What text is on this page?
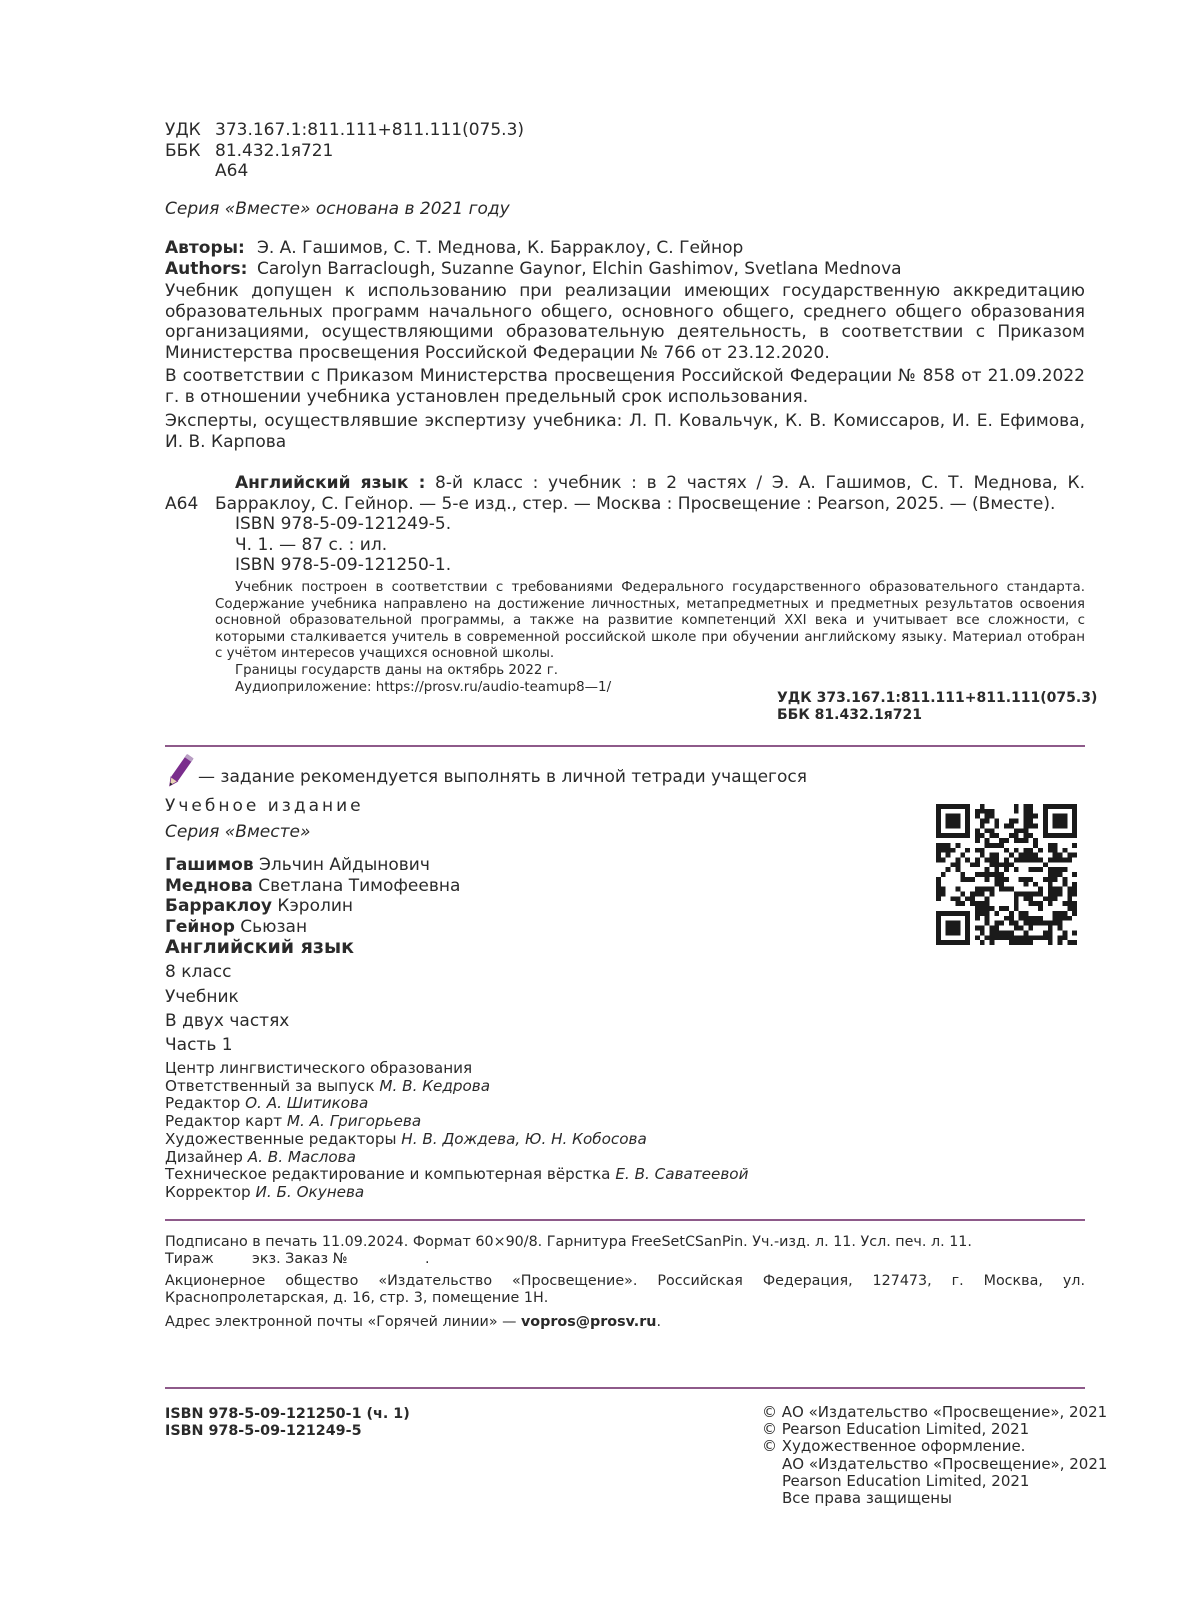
УДК 373.167.1:811.111+811.111(075.3)
ББК 81.432.1я721
А64
Серия «Вместе» основана в 2021 году
Авторы: Э. А. Гашимов, С. Т. Меднова, К. Барраклоу, С. Гейнор
Authors: Carolyn Barraclough, Suzanne Gaynor, Elchin Gashimov, Svetlana Mednova
Учебник допущен к использованию при реализации имеющих государственную аккредитацию образовательных программ начального общего, основного общего, среднего общего образования организациями, осуществляющими образовательную деятельность, в соответствии с Приказом Министерства просвещения Российской Федерации № 766 от 23.12.2020.
В соответствии с Приказом Министерства просвещения Российской Федерации № 858 от 21.09.2022 г. в отношении учебника установлен предельный срок использования.
Эксперты, осуществлявшие экспертизу учебника: Л. П. Ковальчук, К. В. Комиссаров, И. Е. Ефимова, И. В. Карпова
А64
Английский язык : 8-й класс : учебник : в 2 частях / Э. А. Гашимов, С. Т. Меднова, К. Барраклоу, С. Гейнор. — 5-е изд., стер. — Москва : Просвещение : Pearson, 2025. — (Вместе).
ISBN 978-5-09-121249-5.
Ч. 1. — 87 с. : ил.
ISBN 978-5-09-121250-1.
Учебник построен в соответствии с требованиями Федерального государственного образовательного стандарта. Содержание учебника направлено на достижение личностных, метапредметных и предметных результатов освоения основной образовательной программы, а также на развитие компетенций XXI века и учитывает все сложности, с которыми сталкивается учитель в современной российской школе при обучении английскому языку. Материал отобран с учётом интересов учащихся основной школы.
Границы государств даны на октябрь 2022 г.
Аудиоприложение: https://prosv.ru/audio-teamup8—1/
УДК 373.167.1:811.111+811.111(075.3)
ББК 81.432.1я721
— задание рекомендуется выполнять в личной тетради учащегося
Учебное издание
Серия «Вместе»
Гашимов Эльчин Айдынович
Меднова Светлана Тимофеевна
Барраклоу Кэролин
Гейнор Сьюзан
Английский язык
8 класс
Учебник
В двух частях
Часть 1
Центр лингвистического образования
Ответственный за выпуск М. В. Кедрова
Редактор О. А. Шитикова
Редактор карт М. А. Григорьева
Художественные редакторы Н. В. Дождева, Ю. Н. Кобосова
Дизайнер А. В. Маслова
Техническое редактирование и компьютерная вёрстка Е. В. Саватеевой
Корректор И. Б. Окунева
Подписано в печать 11.09.2024. Формат 60×90/8. Гарнитура FreeSetCSanPin. Уч.-изд. л. 11. Усл. печ. л. 11.
Тираж	экз. Заказ №	.
Акционерное общество «Издательство «Просвещение». Российская Федерация, 127473, г. Москва, ул. Краснопролетарская, д. 16, стр. 3, помещение 1Н.
Адрес электронной почты «Горячей линии» — vopros@prosv.ru.
ISBN 978-5-09-121250-1 (ч. 1)
ISBN 978-5-09-121249-5
© АО «Издательство «Просвещение», 2021
© Pearson Education Limited, 2021
© Художественное оформление.
АО «Издательство «Просвещение», 2021
Pearson Education Limited, 2021
Все права защищены
